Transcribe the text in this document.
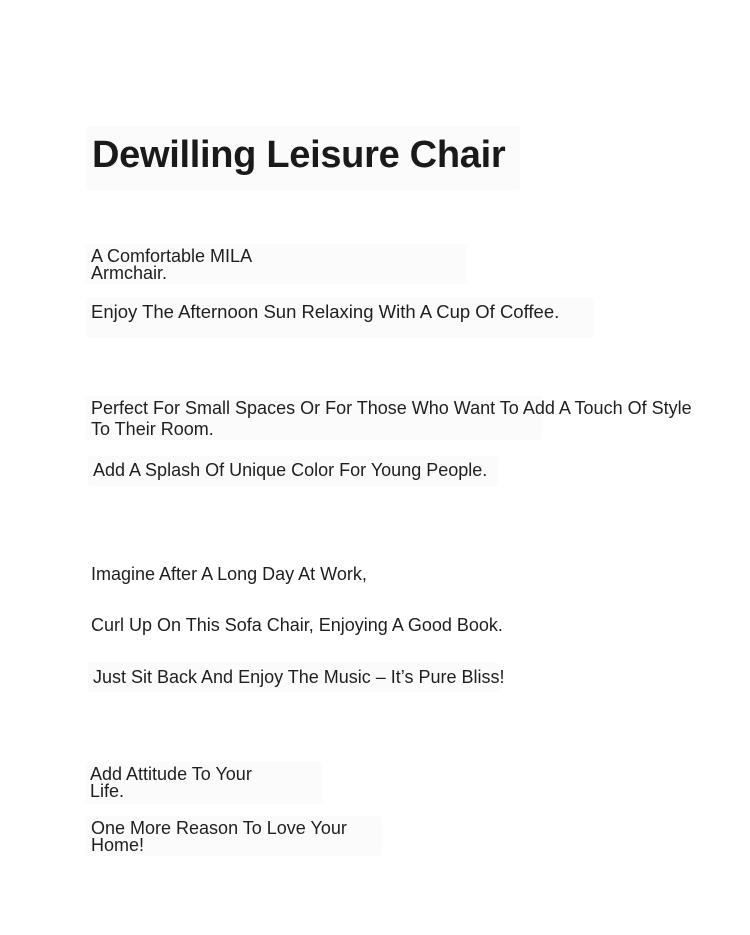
Dewilling Leisure Chair
A Comfortable MILA
Armchair.
Enjoy The Afternoon Sun Relaxing With A Cup Of Coffee.
Perfect For Small Spaces Or For Those Who Want To Add A Touch Of Style
To Their Room.
Add A Splash Of Unique Color For Young People.
Imagine After A Long Day At Work,
Curl Up On This Sofa Chair, Enjoying A Good Book.
Just Sit Back And Enjoy The Music – It’s Pure Bliss!
Add Attitude To Your
Life.
One More Reason To Love Your
Home!
